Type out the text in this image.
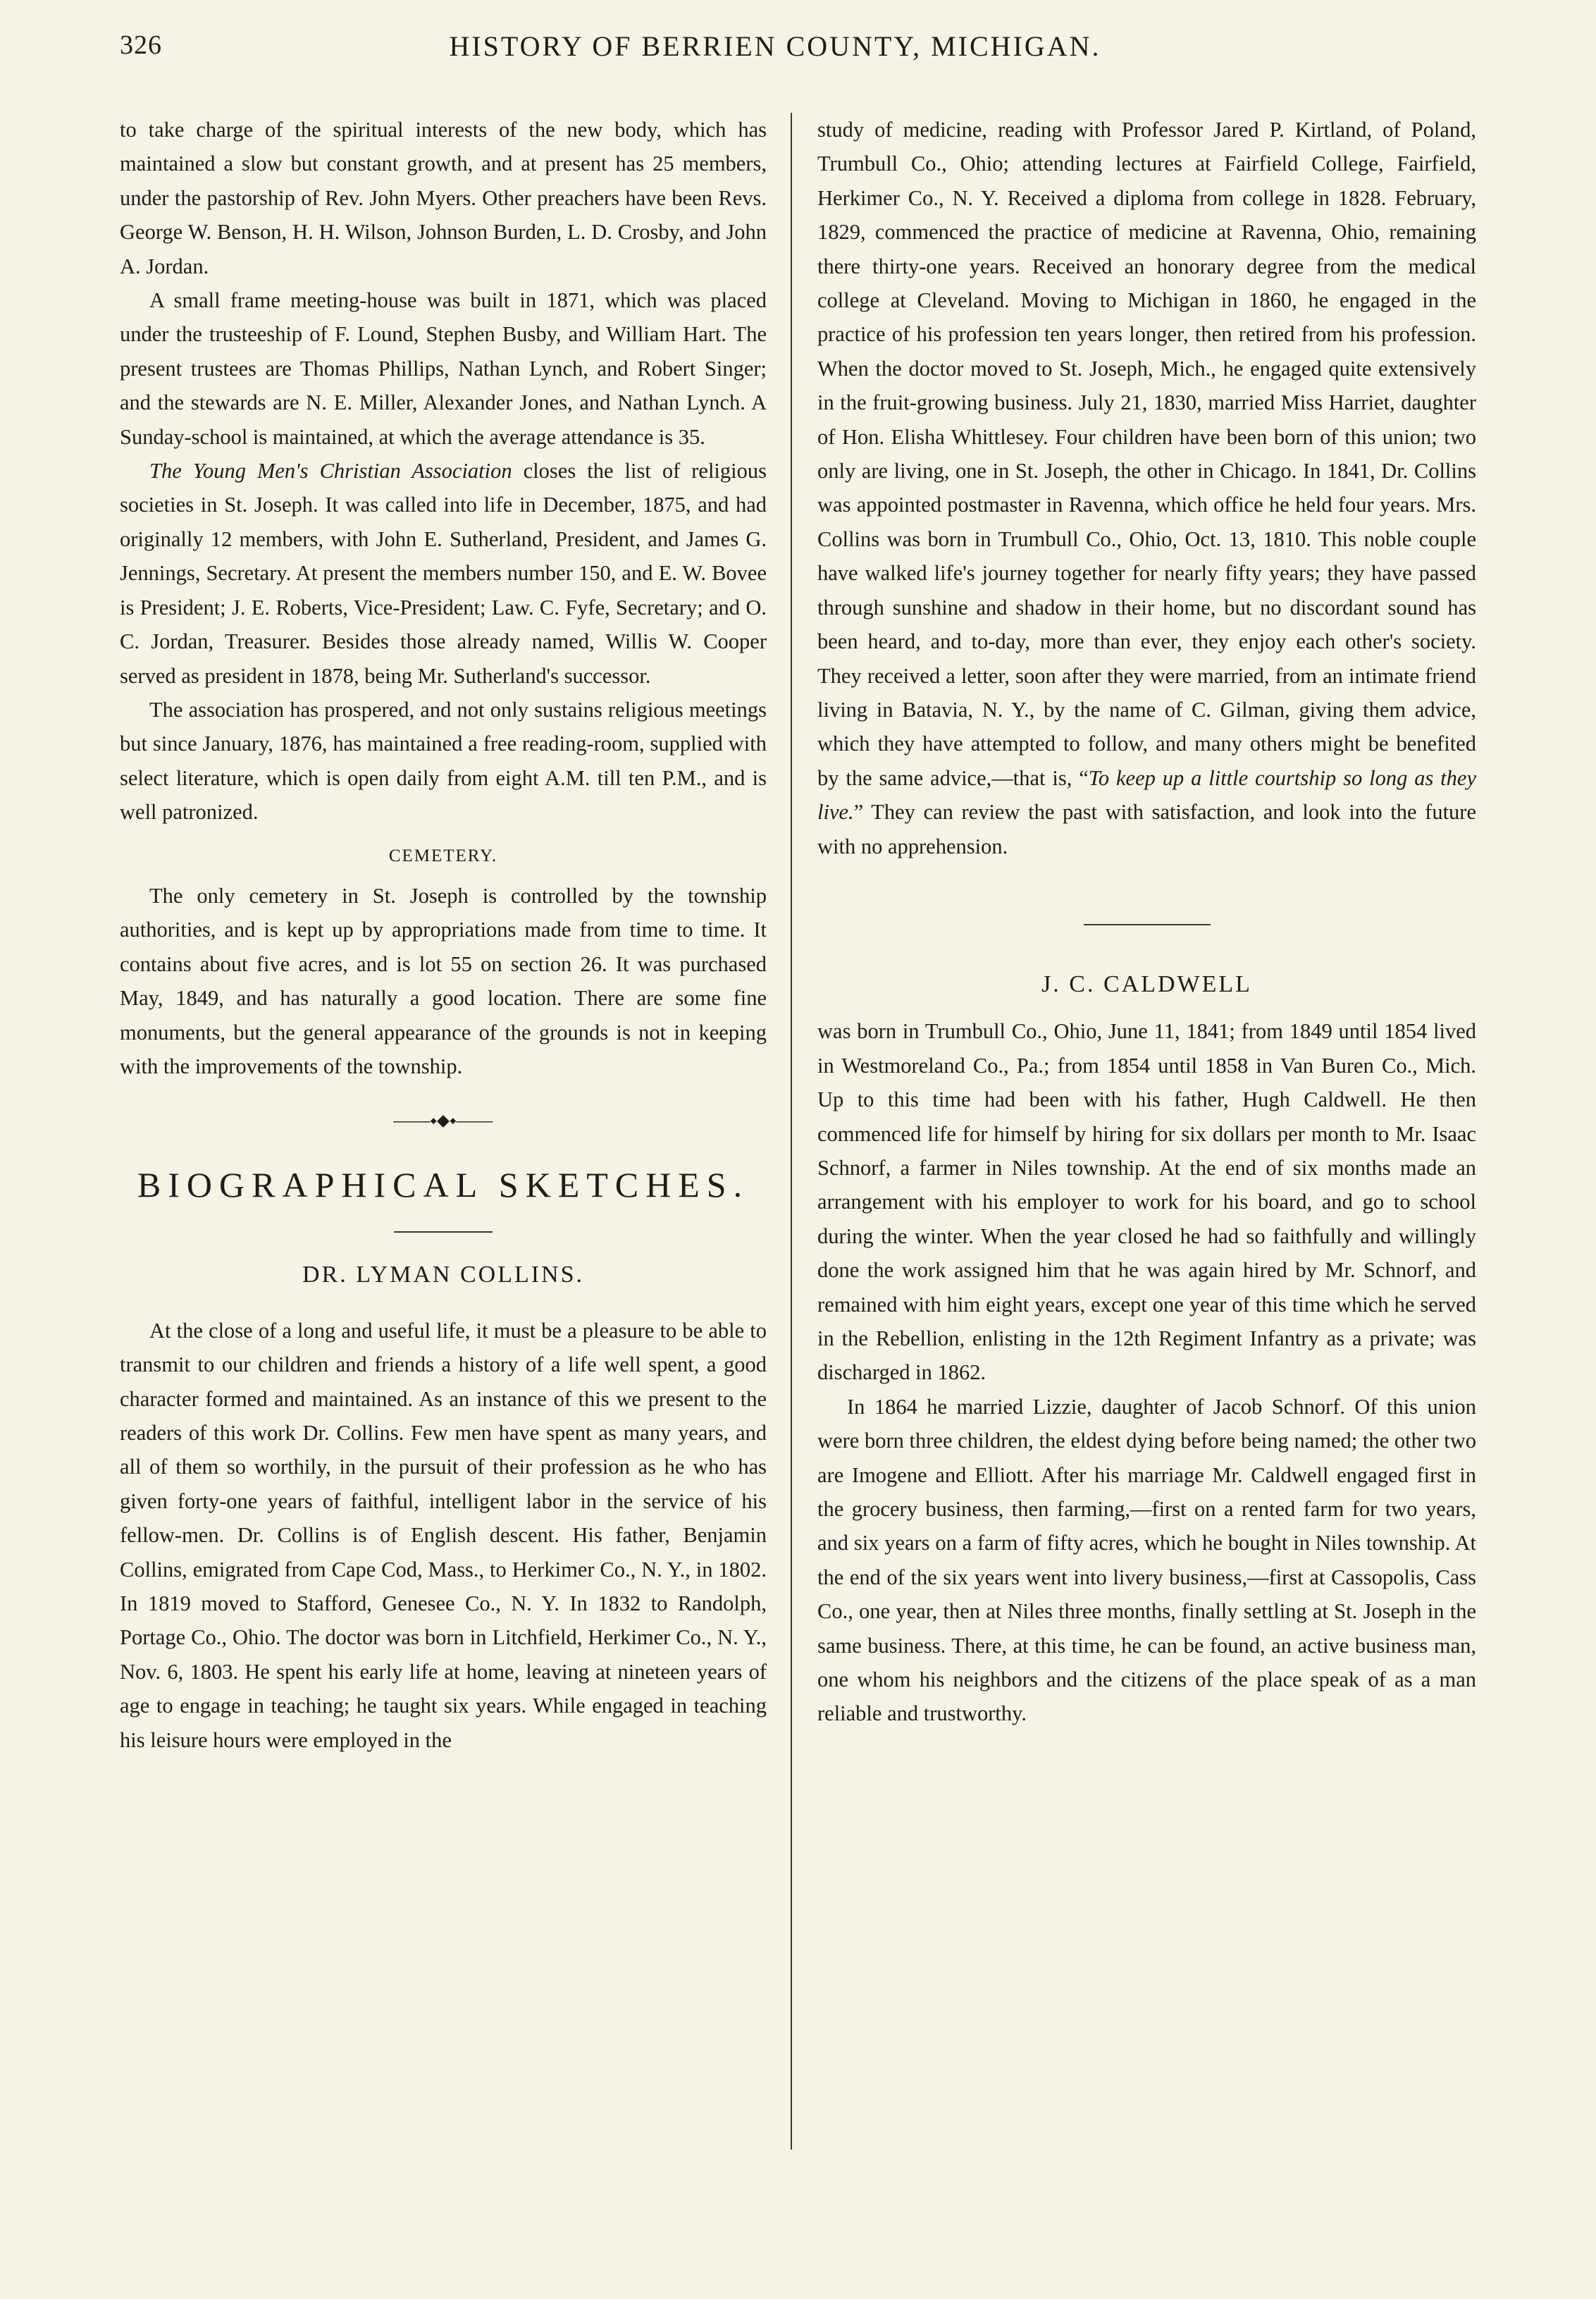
326	HISTORY OF BERRIEN COUNTY, MICHIGAN.

to take charge of the spiritual interests of the new body, which has maintained a slow but constant growth, and at present has 25 members, under the pastorship of Rev. John Myers. Other preachers have been Revs. George W. Benson, H. H. Wilson, Johnson Burden, L. D. Crosby, and John A. Jordan.

A small frame meeting-house was built in 1871, which was placed under the trusteeship of F. Lound, Stephen Busby, and William Hart. The present trustees are Thomas Phillips, Nathan Lynch, and Robert Singer; and the stewards are N. E. Miller, Alexander Jones, and Nathan Lynch. A Sunday-school is maintained, at which the average attendance is 35.

The Young Men's Christian Association closes the list of religious societies in St. Joseph. It was called into life in December, 1875, and had originally 12 members, with John E. Sutherland, President, and James G. Jennings, Secretary. At present the members number 150, and E. W. Bovee is President; J. E. Roberts, Vice-President; Law. C. Fyfe, Secretary; and O. C. Jordan, Treasurer. Besides those already named, Willis W. Cooper served as president in 1878, being Mr. Sutherland's successor.

The association has prospered, and not only sustains religious meetings but since January, 1876, has maintained a free reading-room, supplied with select literature, which is open daily from eight A.M. till ten P.M., and is well patronized.

CEMETERY.

The only cemetery in St. Joseph is controlled by the township authorities, and is kept up by appropriations made from time to time. It contains about five acres, and is lot 55 on section 26. It was purchased May, 1849, and has naturally a good location. There are some fine monuments, but the general appearance of the grounds is not in keeping with the improvements of the township.

——⬩⬥⬩——
BIOGRAPHICAL SKETCHES.
DR. LYMAN COLLINS.

At the close of a long and useful life, it must be a pleasure to be able to transmit to our children and friends a history of a life well spent, a good character formed and maintained. As an instance of this we present to the readers of this work Dr. Collins. Few men have spent as many years, and all of them so worthily, in the pursuit of their profession as he who has given forty-one years of faithful, intelligent labor in the service of his fellow-men. Dr. Collins is of English descent. His father, Benjamin Collins, emigrated from Cape Cod, Mass., to Herkimer Co., N. Y., in 1802. In 1819 moved to Stafford, Genesee Co., N. Y. In 1832 to Randolph, Portage Co., Ohio. The doctor was born in Litchfield, Herkimer Co., N. Y., Nov. 6, 1803. He spent his early life at home, leaving at nineteen years of age to engage in teaching; he taught six years. While engaged in teaching his leisure hours were employed in the

study of medicine, reading with Professor Jared P. Kirtland, of Poland, Trumbull Co., Ohio; attending lectures at Fairfield College, Fairfield, Herkimer Co., N. Y. Received a diploma from college in 1828. February, 1829, commenced the practice of medicine at Ravenna, Ohio, remaining there thirty-one years. Received an honorary degree from the medical college at Cleveland. Moving to Michigan in 1860, he engaged in the practice of his profession ten years longer, then retired from his profession. When the doctor moved to St. Joseph, Mich., he engaged quite extensively in the fruit-growing business. July 21, 1830, married Miss Harriet, daughter of Hon. Elisha Whittlesey. Four children have been born of this union; two only are living, one in St. Joseph, the other in Chicago. In 1841, Dr. Collins was appointed postmaster in Ravenna, which office he held four years. Mrs. Collins was born in Trumbull Co., Ohio, Oct. 13, 1810. This noble couple have walked life's journey together for nearly fifty years; they have passed through sunshine and shadow in their home, but no discordant sound has been heard, and to-day, more than ever, they enjoy each other's society. They received a letter, soon after they were married, from an intimate friend living in Batavia, N. Y., by the name of C. Gilman, giving them advice, which they have attempted to follow, and many others might be benefited by the same advice,—that is, “To keep up a little courtship so long as they live.” They can review the past with satisfaction, and look into the future with no apprehension.

J. C. CALDWELL

was born in Trumbull Co., Ohio, June 11, 1841; from 1849 until 1854 lived in Westmoreland Co., Pa.; from 1854 until 1858 in Van Buren Co., Mich. Up to this time had been with his father, Hugh Caldwell. He then commenced life for himself by hiring for six dollars per month to Mr. Isaac Schnorf, a farmer in Niles township. At the end of six months made an arrangement with his employer to work for his board, and go to school during the winter. When the year closed he had so faithfully and willingly done the work assigned him that he was again hired by Mr. Schnorf, and remained with him eight years, except one year of this time which he served in the Rebellion, enlisting in the 12th Regiment Infantry as a private; was discharged in 1862.

In 1864 he married Lizzie, daughter of Jacob Schnorf. Of this union were born three children, the eldest dying before being named; the other two are Imogene and Elliott. After his marriage Mr. Caldwell engaged first in the grocery business, then farming,—first on a rented farm for two years, and six years on a farm of fifty acres, which he bought in Niles township. At the end of the six years went into livery business,—first at Cassopolis, Cass Co., one year, then at Niles three months, finally settling at St. Joseph in the same business. There, at this time, he can be found, an active business man, one whom his neighbors and the citizens of the place speak of as a man reliable and trustworthy.
